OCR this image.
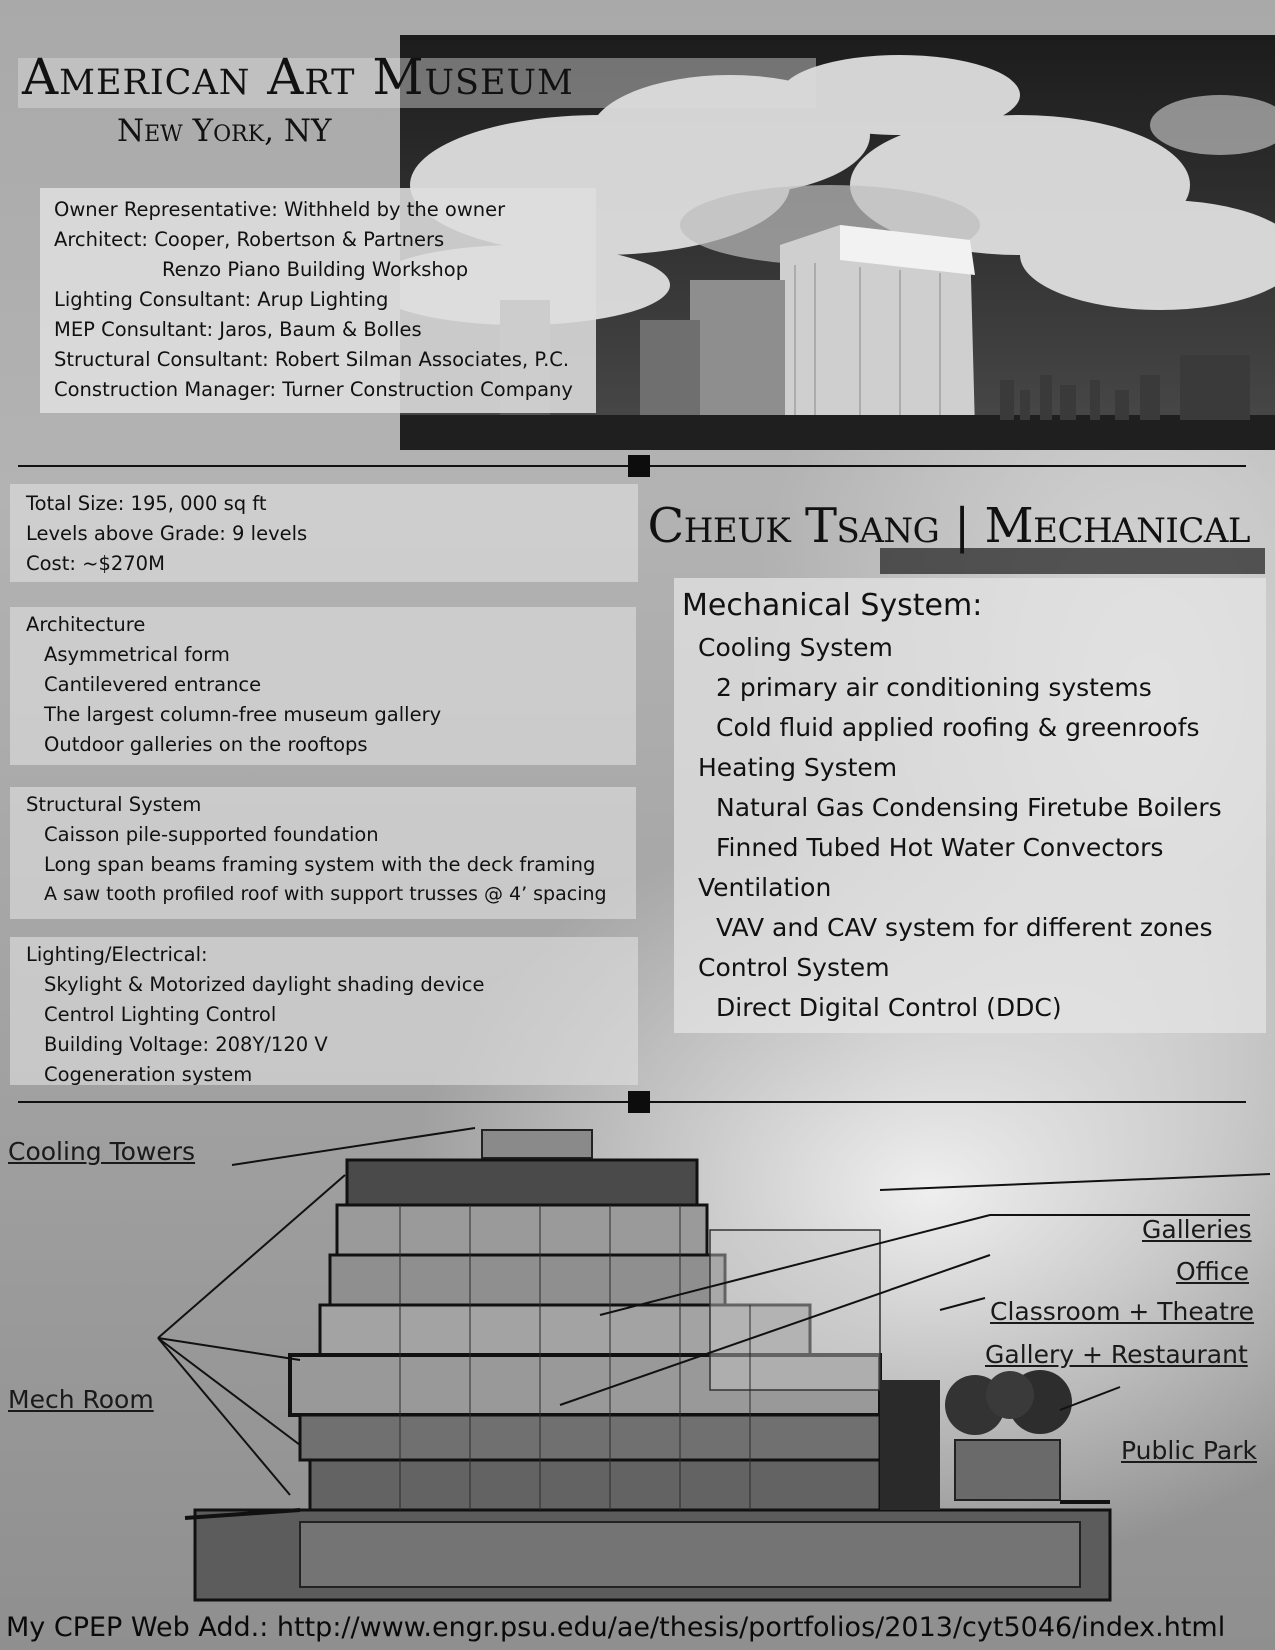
American Art Museum
New York, NY
Owner Representative: Withheld by the owner
Architect: Cooper, Robertson & Partners
Renzo Piano Building Workshop
Lighting Consultant: Arup Lighting
MEP Consultant: Jaros, Baum & Bolles
Structural Consultant: Robert Silman Associates, P.C.
Construction Manager: Turner Construction Company
Total Size: 195, 000 sq ft
Levels above Grade: 9 levels
Cost: ~$270M
Cheuk Tsang | Mechanical
Architecture
Asymmetrical form
Cantilevered entrance
The largest column-free museum gallery
Outdoor galleries on the rooftops
Structural System
Caisson pile-supported foundation
Long span beams framing system with the deck framing
A saw tooth profiled roof with support trusses @ 4’ spacing
Lighting/Electrical:
Skylight & Motorized daylight shading device
Centrol Lighting Control
Building Voltage: 208Y/120 V
Cogeneration system
Mechanical System:
Cooling System
2 primary air conditioning systems
Cold fluid applied roofing & greenroofs
Heating System
Natural Gas Condensing Firetube Boilers
Finned Tubed Hot Water Convectors
Ventilation
VAV and CAV system for different zones
Control System
Direct Digital Control (DDC)
Cooling Towers
Mech Room
Galleries
Office
Classroom + Theatre
Gallery + Restaurant
Public Park
My CPEP Web Add.: http://www.engr.psu.edu/ae/thesis/portfolios/2013/cyt5046/index.html
